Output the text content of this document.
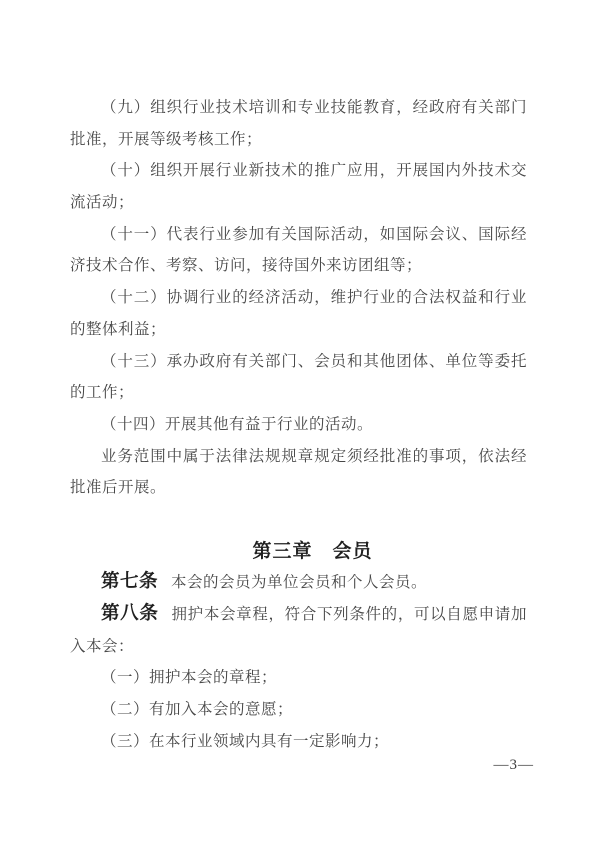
（九）组织行业技术培训和专业技能教育，经政府有关部门
批准，开展等级考核工作；
（十）组织开展行业新技术的推广应用，开展国内外技术交
流活动；
（十一）代表行业参加有关国际活动，如国际会议、国际经
济技术合作、考察、访问，接待国外来访团组等；
（十二）协调行业的经济活动，维护行业的合法权益和行业
的整体利益；
（十三）承办政府有关部门、会员和其他团体、单位等委托
的工作；
（十四）开展其他有益于行业的活动。
业务范围中属于法律法规规章规定须经批准的事项，依法经
批准后开展。
第三章　会员
第七条 本会的会员为单位会员和个人会员。
第八条 拥护本会章程，符合下列条件的，可以自愿申请加
入本会：
（一）拥护本会的章程；
（二）有加入本会的意愿；
（三）在本行业领域内具有一定影响力；
—3—
